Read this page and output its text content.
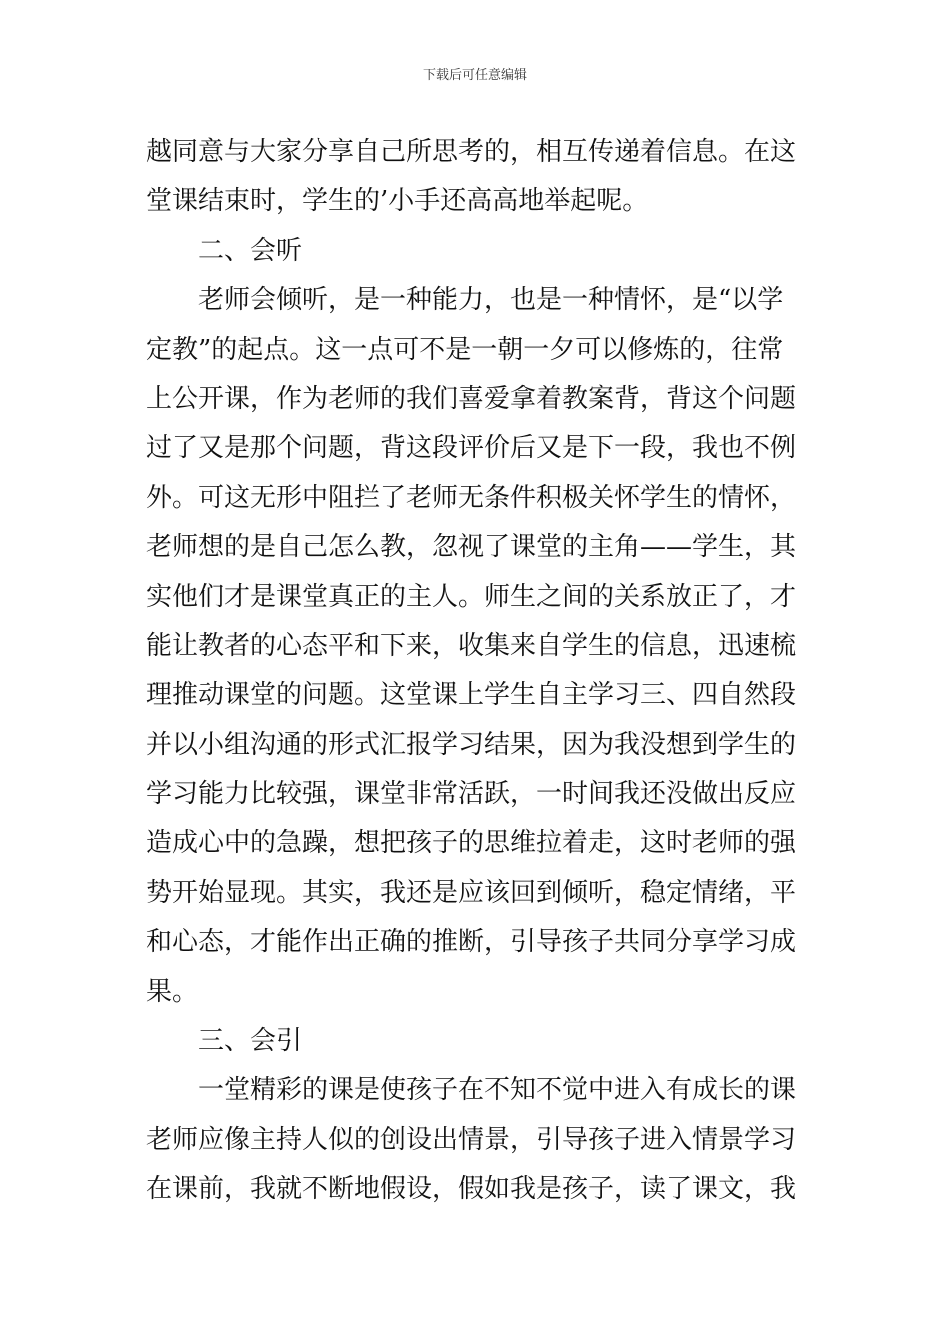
下载后可任意编辑
越同意与大家分享自己所思考的，相互传递着信息。在这
堂课结束时，学生的’小手还高高地举起呢。
二、会听
老师会倾听，是一种能力，也是一种情怀，是“以学
定教”的起点。这一点可不是一朝一夕可以修炼的，往常
上公开课，作为老师的我们喜爱拿着教案背，背这个问题
过了又是那个问题，背这段评价后又是下一段，我也不例
外。可这无形中阻拦了老师无条件积极关怀学生的情怀，
老师想的是自己怎么教，忽视了课堂的主角——学生，其
实他们才是课堂真正的主人。师生之间的关系放正了，才
能让教者的心态平和下来，收集来自学生的信息，迅速梳
理推动课堂的问题。这堂课上学生自主学习三、四自然段
并以小组沟通的形式汇报学习结果，因为我没想到学生的
学习能力比较强，课堂非常活跃，一时间我还没做出反应
造成心中的急躁，想把孩子的思维拉着走，这时老师的强
势开始显现。其实，我还是应该回到倾听，稳定情绪，平
和心态，才能作出正确的推断，引导孩子共同分享学习成
果。
三、会引
一堂精彩的课是使孩子在不知不觉中进入有成长的课
老师应像主持人似的创设出情景，引导孩子进入情景学习
在课前，我就不断地假设，假如我是孩子，读了课文，我
